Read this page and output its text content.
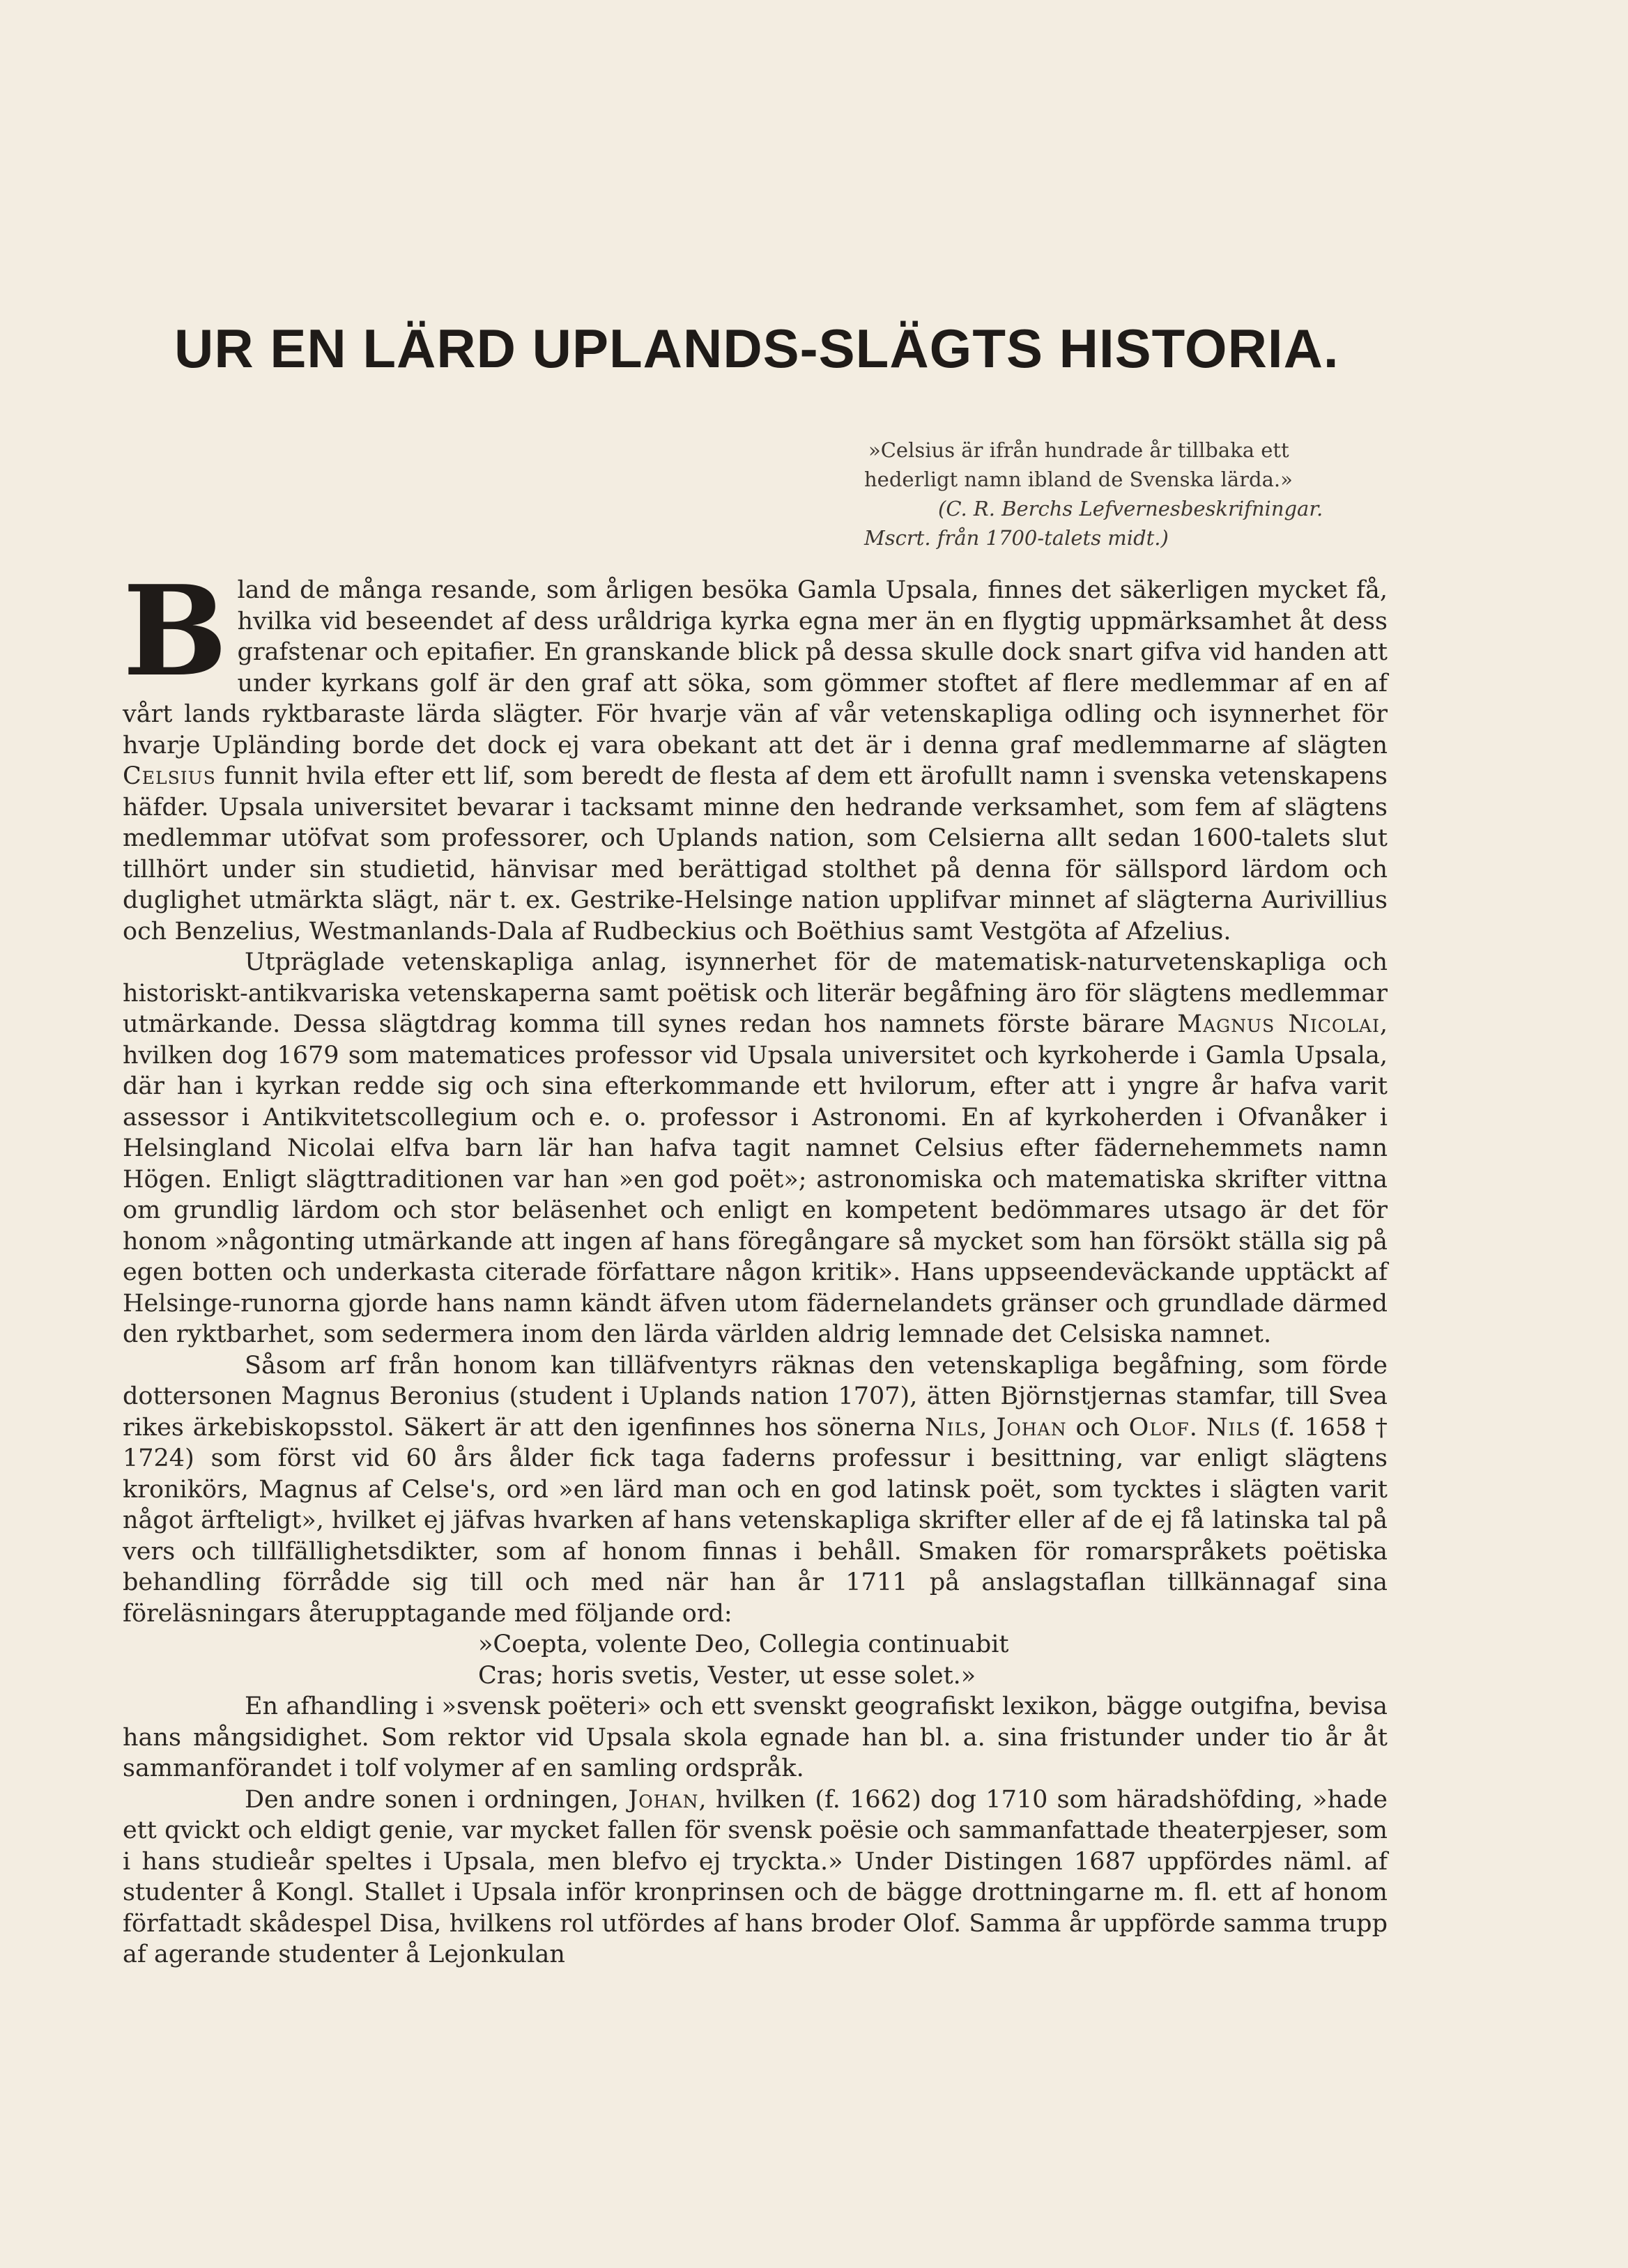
UR EN LÄRD UPLANDS-SLÄGTS HISTORIA.
»Celsius är ifrån hundrade år tillbaka ett
hederligt namn ibland de Svenska lärda.»
(C. R. Berchs Lefvernesbeskrifningar.
Mscrt. från 1700-talets midt.)

Bland de många resande, som årligen besöka Gamla Upsala, finnes det säkerligen mycket få, hvilka vid beseendet af dess uråldriga kyrka egna mer än en flygtig uppmärksamhet åt dess grafstenar och epitafier. En granskande blick på dessa skulle dock snart gifva vid handen att under kyrkans golf är den graf att söka, som gömmer stoftet af flere medlemmar af en af vårt lands ryktbaraste lärda slägter. För hvarje vän af vår vetenskapliga odling och isynnerhet för hvarje Upländing borde det dock ej vara obekant att det är i denna graf medlemmarne af slägten Celsius funnit hvila efter ett lif, som beredt de flesta af dem ett ärofullt namn i svenska vetenskapens häfder. Upsala universitet bevarar i tacksamt minne den hedrande verksamhet, som fem af slägtens medlemmar utöfvat som professorer, och Uplands nation, som Celsierna allt sedan 1600-talets slut tillhört under sin studietid, hänvisar med berättigad stolthet på denna för sällspord lärdom och duglighet utmärkta slägt, när t. ex. Gestrike-Helsinge nation upplifvar minnet af slägterna Aurivillius och Benzelius, Westmanlands-Dala af Rudbeckius och Boëthius samt Vestgöta af Afzelius.

Utpräglade vetenskapliga anlag, isynnerhet för de matematisk-naturvetenskapliga och historiskt-antikvariska vetenskaperna samt poëtisk och literär begåfning äro för slägtens medlemmar utmärkande. Dessa slägtdrag komma till synes redan hos namnets förste bärare Magnus Nicolai, hvilken dog 1679 som matematices professor vid Upsala universitet och kyrkoherde i Gamla Upsala, där han i kyrkan redde sig och sina efterkommande ett hvilorum, efter att i yngre år hafva varit assessor i Antikvitetscollegium och e. o. professor i Astronomi. En af kyrkoherden i Ofvanåker i Helsingland Nicolai elfva barn lär han hafva tagit namnet Celsius efter fädernehemmets namn Högen. Enligt slägttraditionen var han »en god poët»; astronomiska och matematiska skrifter vittna om grundlig lärdom och stor beläsenhet och enligt en kompetent bedömmares utsago är det för honom »någonting utmärkande att ingen af hans föregångare så mycket som han försökt ställa sig på egen botten och underkasta citerade författare någon kritik». Hans uppseendeväckande upptäckt af Helsinge-runorna gjorde hans namn kändt äfven utom fädernelandets gränser och grundlade därmed den ryktbarhet, som sedermera inom den lärda världen aldrig lemnade det Celsiska namnet.

Såsom arf från honom kan tilläfventyrs räknas den vetenskapliga begåfning, som förde dottersonen Magnus Beronius (student i Uplands nation 1707), ätten Björnstjernas stamfar, till Svea rikes ärkebiskopsstol. Säkert är att den igenfinnes hos sönerna Nils, Johan och Olof. Nils (f. 1658 † 1724) som först vid 60 års ålder fick taga faderns professur i besittning, var enligt slägtens kronikörs, Magnus af Celse's, ord »en lärd man och en god latinsk poët, som tycktes i slägten varit något ärfteligt», hvilket ej jäfvas hvarken af hans vetenskapliga skrifter eller af de ej få latinska tal på vers och tillfällighetsdikter, som af honom finnas i behåll. Smaken för romarspråkets poëtiska behandling förrådde sig till och med när han år 1711 på anslagstaflan tillkännagaf sina föreläsningars återupptagande med följande ord:

»Coepta, volente Deo, Collegia continuabit
Cras; horis svetis, Vester, ut esse solet.»

En afhandling i »svensk poëteri» och ett svenskt geografiskt lexikon, bägge outgifna, bevisa hans mångsidighet. Som rektor vid Upsala skola egnade han bl. a. sina fristunder under tio år åt sammanförandet i tolf volymer af en samling ordspråk.

Den andre sonen i ordningen, Johan, hvilken (f. 1662) dog 1710 som häradshöfding, »hade ett qvickt och eldigt genie, var mycket fallen för svensk poësie och sammanfattade theaterpjeser, som i hans studieår speltes i Upsala, men blefvo ej tryckta.» Under Distingen 1687 uppfördes näml. af studenter å Kongl. Stallet i Upsala inför kronprinsen och de bägge drottningarne m. fl. ett af honom författadt skådespel Disa, hvilkens rol utfördes af hans broder Olof. Samma år uppförde samma trupp af agerande studenter å Lejonkulan
